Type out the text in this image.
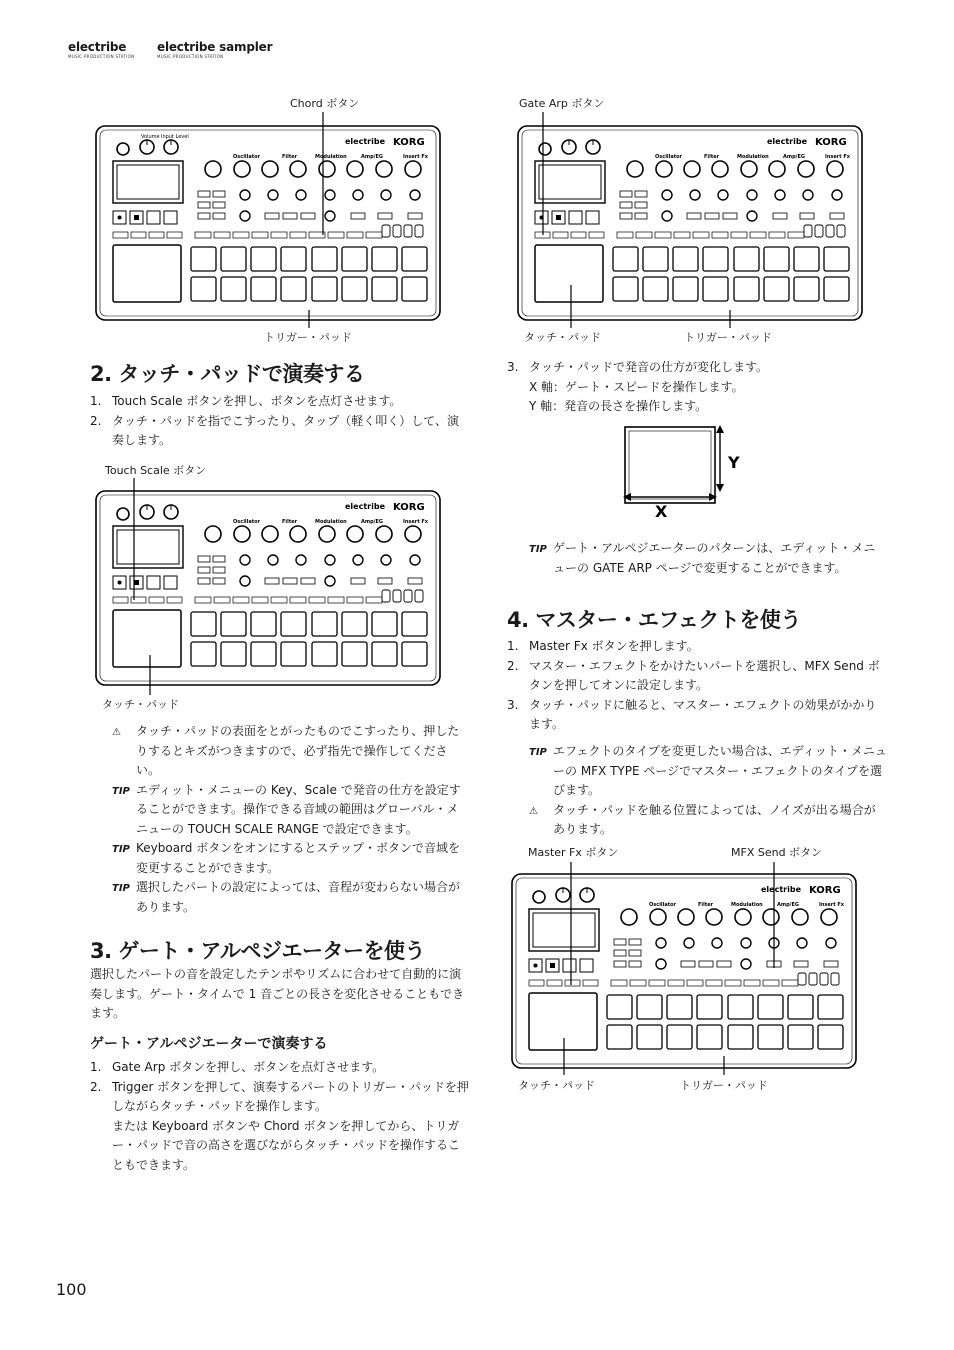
electribe
MUSIC PRODUCTION STATION
electribe sampler
MUSIC PRODUCTION STATION
Chord ボタン
Volume Input Level
Oscillator	Filter	Modulation	Amp/EG	Insert Fx
electribe KORG
トリガー・パッド
Gate Arp ボタン
Oscillator	Filter	Modulation	Amp/EG	Insert Fx
electribe KORG
タッチ・パッド	トリガー・パッド
2. タッチ・パッドで演奏する
1. Touch Scale ボタンを押し、ボタンを点灯させます。
2. タッチ・パッドを指でこすったり、タップ（軽く叩く）して、演奏します。
Touch Scale ボタン
Oscillator	Filter	Modulation	Amp/EG	Insert Fx
electribe KORG
タッチ・パッド
⚠ タッチ・パッドの表面をとがったものでこすったり、押したりするとキズがつきますので、必ず指先で操作してください。
TIP エディット・メニューの Key、Scale で発音の仕方を設定することができます。操作できる音域の範囲はグローバル・メニューの TOUCH SCALE RANGE で設定できます。
TIP Keyboard ボタンをオンにするとステップ・ボタンで音域を変更することができます。
TIP 選択したパートの設定によっては、音程が変わらない場合があります。
3. ゲート・アルペジエーターを使う
選択したパートの音を設定したテンポやリズムに合わせて自動的に演奏します。ゲート・タイムで 1 音ごとの長さを変化させることもできます。
ゲート・アルペジエーターで演奏する
1. Gate Arp ボタンを押し、ボタンを点灯させます。
2. Trigger ボタンを押して、演奏するパートのトリガー・パッドを押しながらタッチ・パッドを操作します。
または Keyboard ボタンや Chord ボタンを押してから、トリガー・パッドで音の高さを選びながらタッチ・パッドを操作することもできます。
3. タッチ・パッドで発音の仕方が変化します。
X 軸：ゲート・スピードを操作します。
Y 軸：発音の長さを操作します。
Y
X
TIP ゲート・アルペジエーターのパターンは、エディット・メニューの GATE ARP ページで変更することができます。
4. マスター・エフェクトを使う
1. Master Fx ボタンを押します。
2. マスター・エフェクトをかけたいパートを選択し、MFX Send ボタンを押してオンに設定します。
3. タッチ・パッドに触ると、マスター・エフェクトの効果がかかります。
TIP エフェクトのタイプを変更したい場合は、エディット・メニューの MFX TYPE ページでマスター・エフェクトのタイプを選びます。
⚠ タッチ・パッドを触る位置によっては、ノイズが出る場合があります。
Master Fx ボタン	MFX Send ボタン
Oscillator	Filter	Modulation	Amp/EG	Insert Fx
electribe KORG
タッチ・パッド	トリガー・パッド
100
